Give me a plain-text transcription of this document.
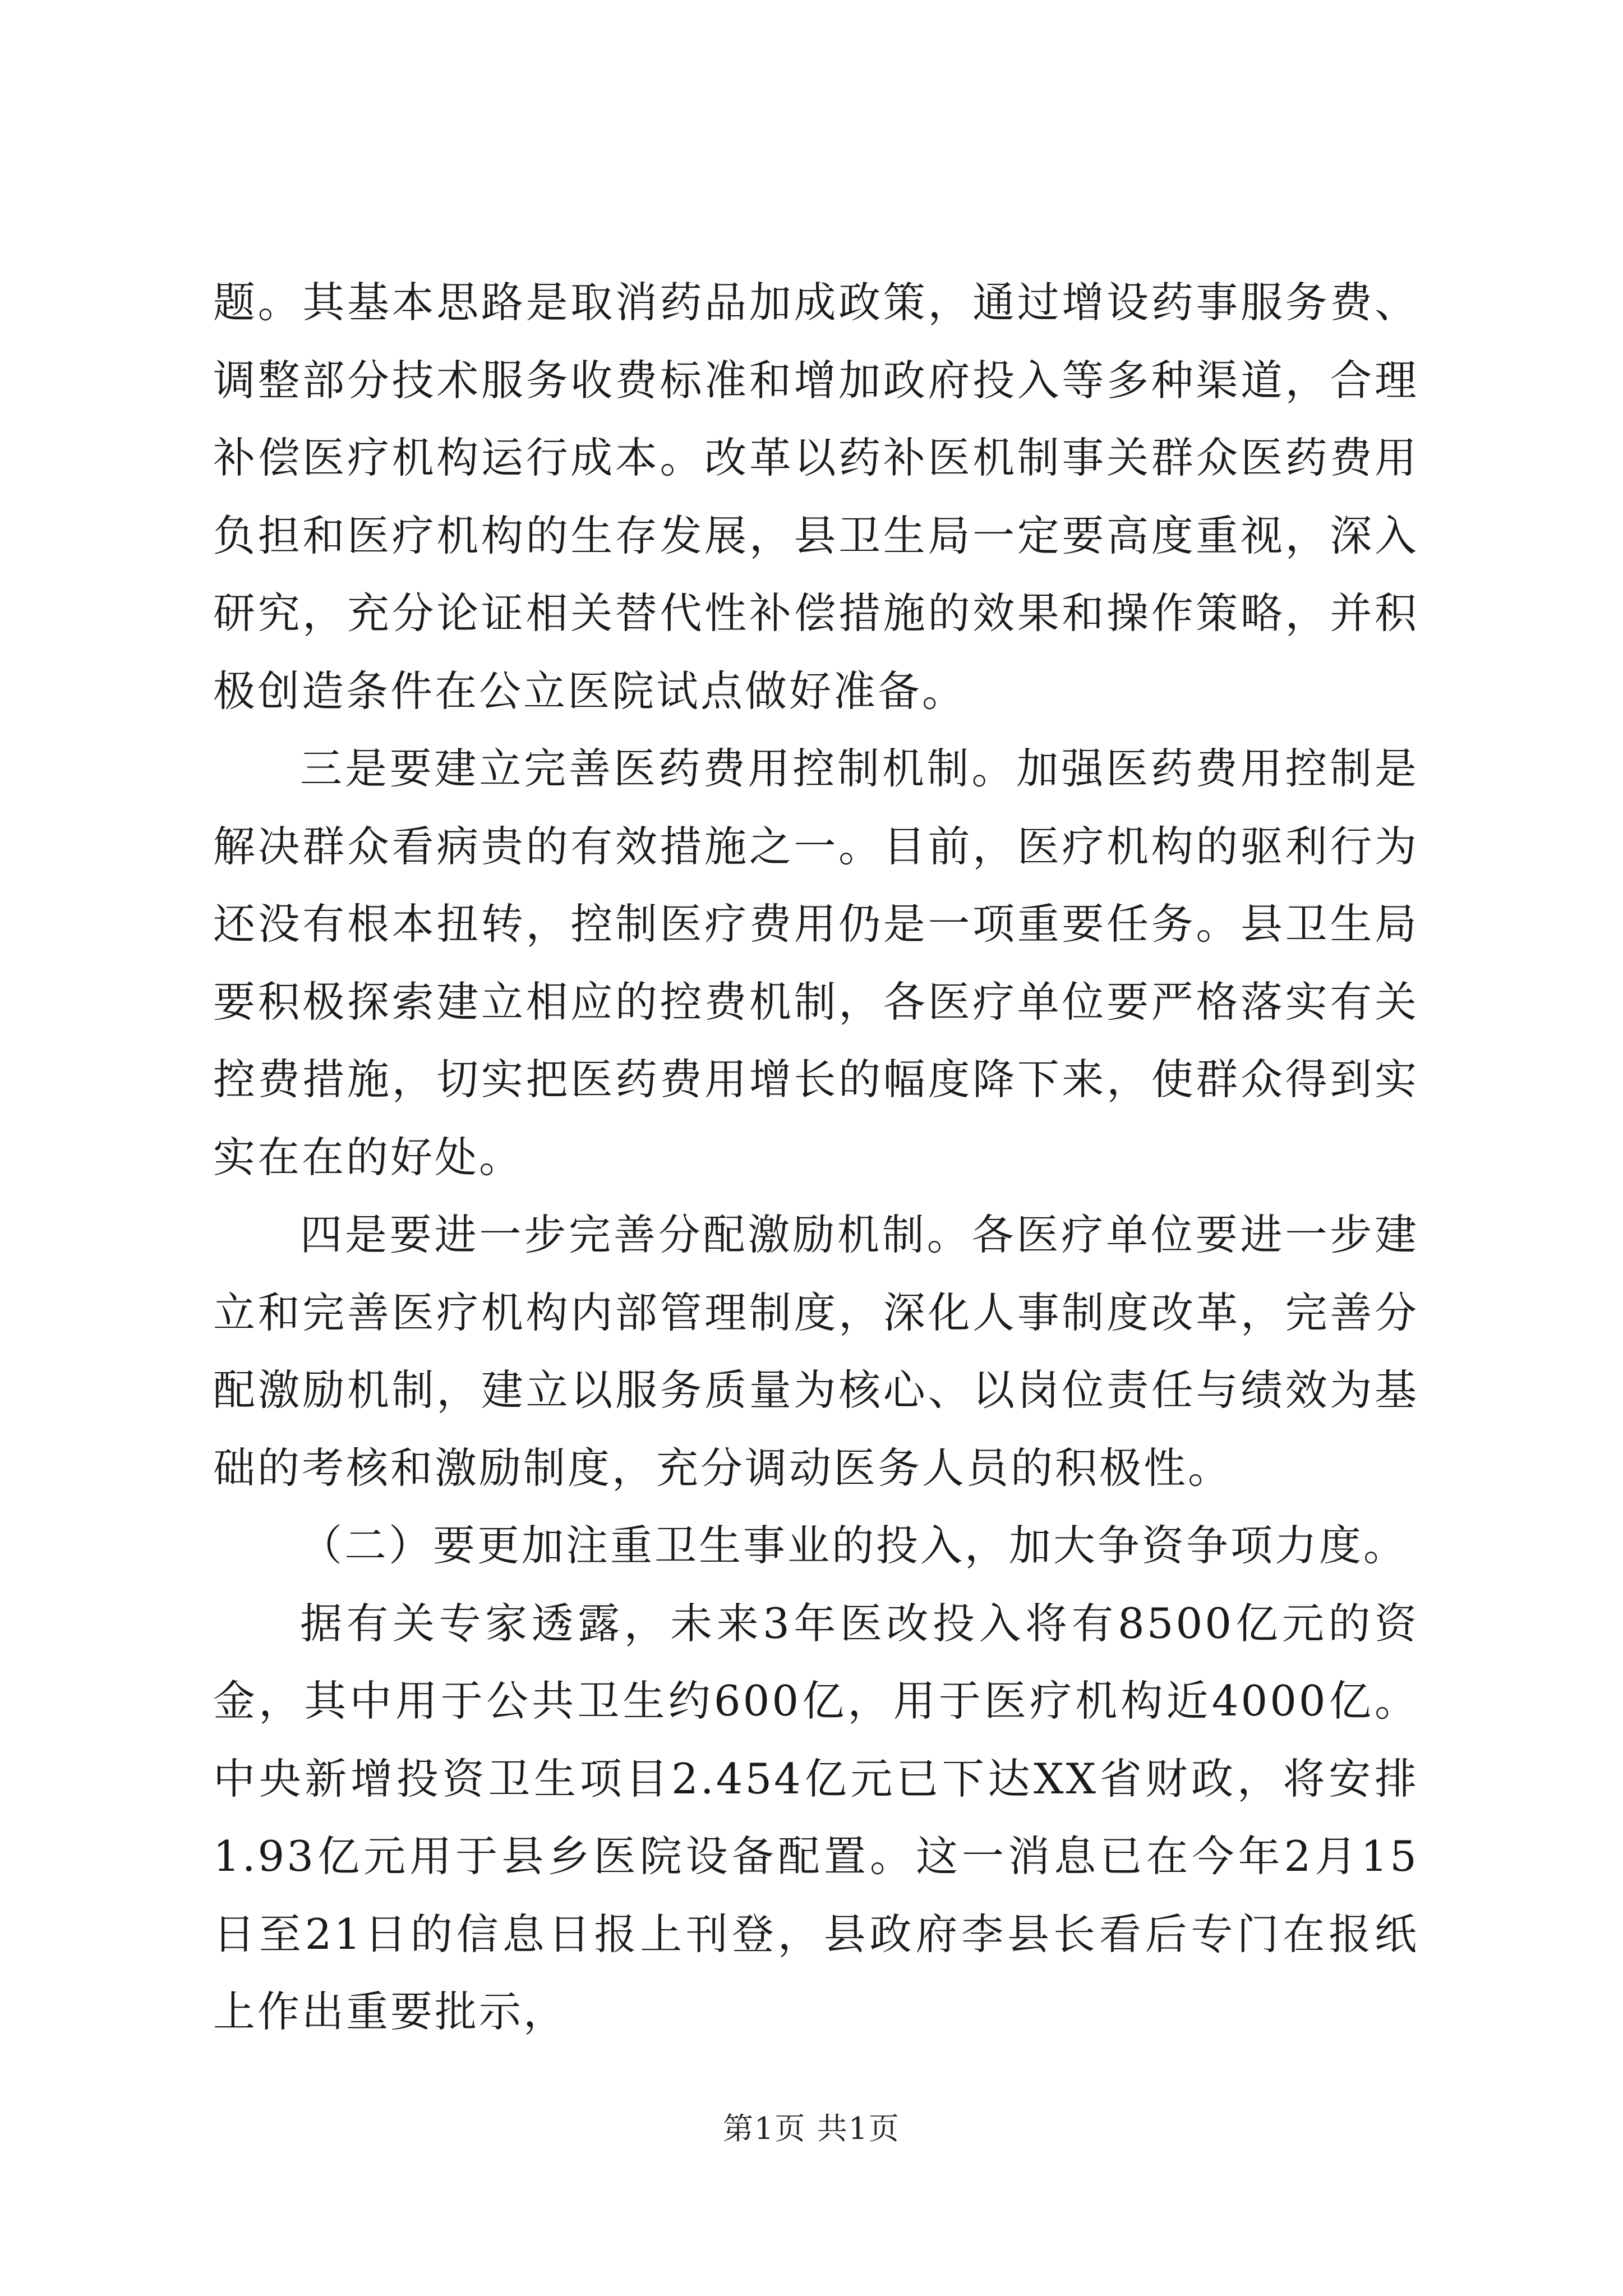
题。其基本思路是取消药品加成政策，通过增设药事服务费、调整部分技术服务收费标准和增加政府投入等多种渠道，合理补偿医疗机构运行成本。改革以药补医机制事关群众医药费用负担和医疗机构的生存发展，县卫生局一定要高度重视，深入研究，充分论证相关替代性补偿措施的效果和操作策略，并积极创造条件在公立医院试点做好准备。

三是要建立完善医药费用控制机制。加强医药费用控制是解决群众看病贵的有效措施之一。目前，医疗机构的驱利行为还没有根本扭转，控制医疗费用仍是一项重要任务。县卫生局要积极探索建立相应的控费机制，各医疗单位要严格落实有关控费措施，切实把医药费用增长的幅度降下来，使群众得到实实在在的好处。

四是要进一步完善分配激励机制。各医疗单位要进一步建立和完善医疗机构内部管理制度，深化人事制度改革，完善分配激励机制，建立以服务质量为核心、以岗位责任与绩效为基础的考核和激励制度，充分调动医务人员的积极性。

（二）要更加注重卫生事业的投入，加大争资争项力度。

据有关专家透露，未来3年医改投入将有8500亿元的资金，其中用于公共卫生约600亿，用于医疗机构近4000亿。中央新增投资卫生项目2.454亿元已下达XX省财政，将安排1.93亿元用于县乡医院设备配置。这一消息已在今年2月15日至21日的信息日报上刊登，县政府李县长看后专门在报纸上作出重要批示，

第1页 共1页
